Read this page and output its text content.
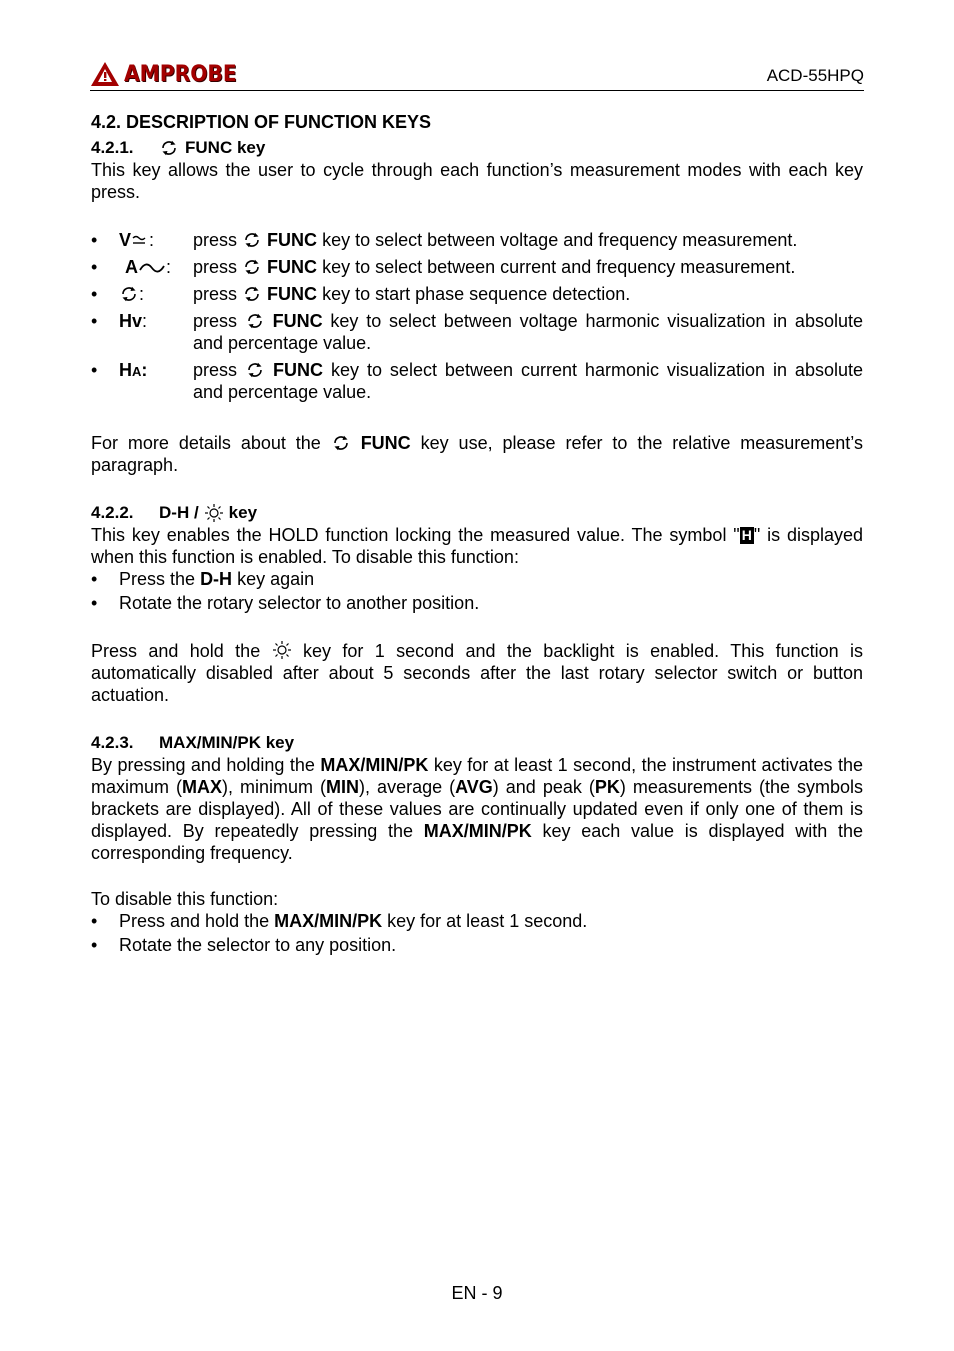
AMPROBE	ACD-55HPQ
4.2. DESCRIPTION OF FUNCTION KEYS
4.2.1.	FUNC key

This key allows the user to cycle through each function’s measurement modes with each key press.

• V : press FUNC key to select between voltage and frequency measurement.
• A : press FUNC key to select between current and frequency measurement.
•	:	press FUNC key to start phase sequence detection.
• Hv:	press FUNC key to select between voltage harmonic visualization in absolute and percentage value.
• HA:	press FUNC key to select between current harmonic visualization in absolute and percentage value.

For more details about the FUNC key use, please refer to the relative measurement’s paragraph.

4.2.2.	D-H / key

This key enables the HOLD function locking the measured value. The symbol " H " is displayed when this function is enabled. To disable this function:

• Press the D-H key again
• Rotate the rotary selector to another position.

Press and hold the key for 1 second and the backlight is enabled. This function is automatically disabled after about 5 seconds after the last rotary selector switch or button actuation.

4.2.3.	MAX/MIN/PK key

By pressing and holding the MAX/MIN/PK key for at least 1 second, the instrument activates the maximum (MAX), minimum (MIN), average (AVG) and peak (PK) measurements (the symbols brackets are displayed). All of these values are continually updated even if only one of them is displayed. By repeatedly pressing the MAX/MIN/PK key each value is displayed with the corresponding frequency.

To disable this function:

• Press and hold the MAX/MIN/PK key for at least 1 second.
• Rotate the selector to any position.
EN - 9
